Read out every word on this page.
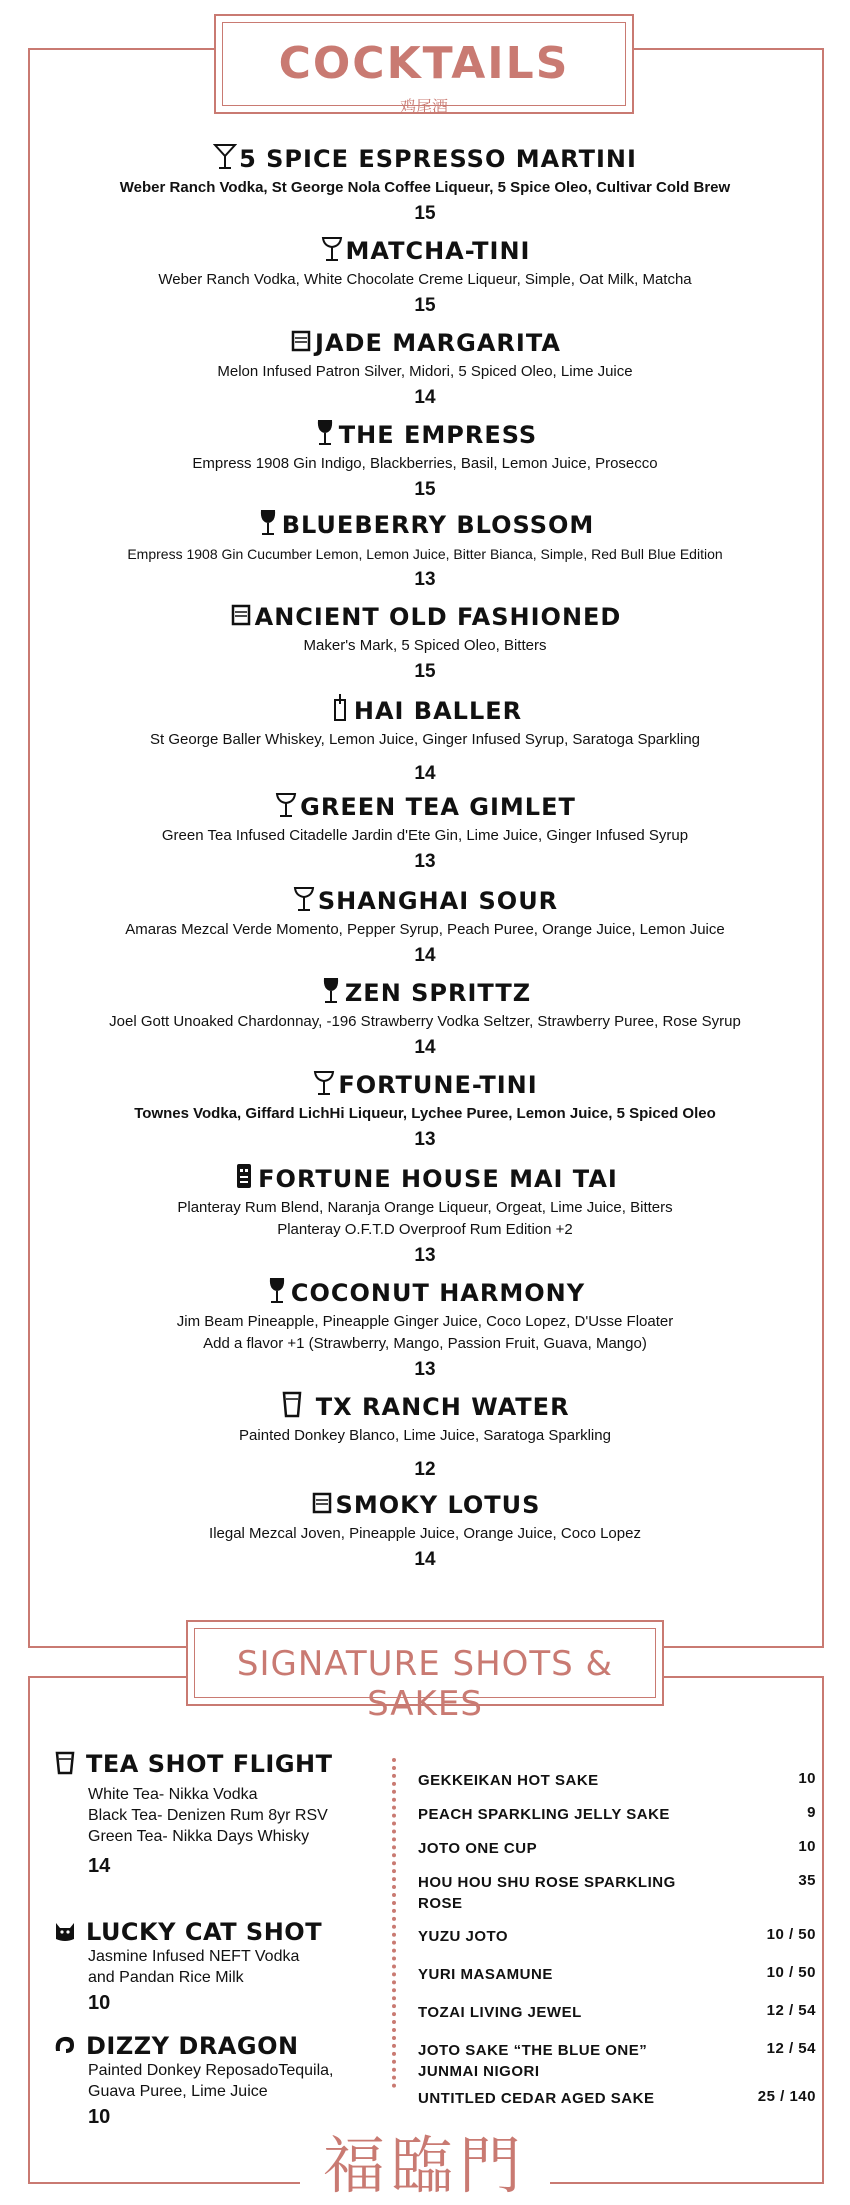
COCKTAILS
鸡尾酒
5 SPICE ESPRESSO MARTINI
Weber Ranch Vodka, St George Nola Coffee Liqueur, 5 Spice Oleo, Cultivar Cold Brew
15
MATCHA-TINI
Weber Ranch Vodka, White Chocolate Creme Liqueur, Simple, Oat Milk, Matcha
15
JADE MARGARITA
Melon Infused Patron Silver, Midori, 5 Spiced Oleo, Lime Juice
14
THE EMPRESS
Empress 1908 Gin Indigo, Blackberries, Basil, Lemon Juice, Prosecco
15
BLUEBERRY BLOSSOM
Empress 1908 Gin Cucumber Lemon, Lemon Juice, Bitter Bianca, Simple, Red Bull Blue Edition
13
ANCIENT OLD FASHIONED
Maker's Mark, 5 Spiced Oleo, Bitters
15
HAI BALLER
St George Baller Whiskey, Lemon Juice, Ginger Infused Syrup, Saratoga Sparkling
14
GREEN TEA GIMLET
Green Tea Infused Citadelle Jardin d'Ete Gin, Lime Juice, Ginger Infused Syrup
13
SHANGHAI SOUR
Amaras Mezcal Verde Momento, Pepper Syrup, Peach Puree, Orange Juice, Lemon Juice
14
ZEN SPRITTZ
Joel Gott Unoaked Chardonnay, -196 Strawberry Vodka Seltzer, Strawberry Puree, Rose Syrup
14
FORTUNE-TINI
Townes Vodka, Giffard LichHi Liqueur, Lychee Puree, Lemon Juice, 5 Spiced Oleo
13
FORTUNE HOUSE MAI TAI
Planteray Rum Blend, Naranja Orange Liqueur, Orgeat, Lime Juice, Bitters
Planteray O.F.T.D Overproof Rum Edition +2
13
COCONUT HARMONY
Jim Beam Pineapple, Pineapple Ginger Juice, Coco Lopez, D'Usse Floater
Add a flavor +1 (Strawberry, Mango, Passion Fruit, Guava, Mango)
13
TX RANCH WATER
Painted Donkey Blanco, Lime Juice, Saratoga Sparkling
12
SMOKY LOTUS
Ilegal Mezcal Joven, Pineapple Juice, Orange Juice, Coco Lopez
14
SIGNATURE SHOTS & SAKES
TEA SHOT FLIGHT
White Tea- Nikka Vodka
Black Tea- Denizen Rum 8yr RSV
Green Tea- Nikka Days Whisky
14
LUCKY CAT SHOT
Jasmine Infused NEFT Vodka
and Pandan Rice Milk
10
DIZZY DRAGON
Painted Donkey ReposadoTequila,
Guava Puree, Lime Juice
10
GEKKEIKAN HOT SAKE	10
PEACH SPARKLING JELLY SAKE	9
JOTO ONE CUP	10
HOU HOU SHU ROSE SPARKLING ROSE
35
YUZU JOTO	10 / 50
YURI MASAMUNE	10 / 50
TOZAI LIVING JEWEL	12 / 54
JOTO SAKE “THE BLUE ONE” JUNMAI NIGORI
12 / 54
UNTITLED CEDAR AGED SAKE	25 / 140
福臨門
